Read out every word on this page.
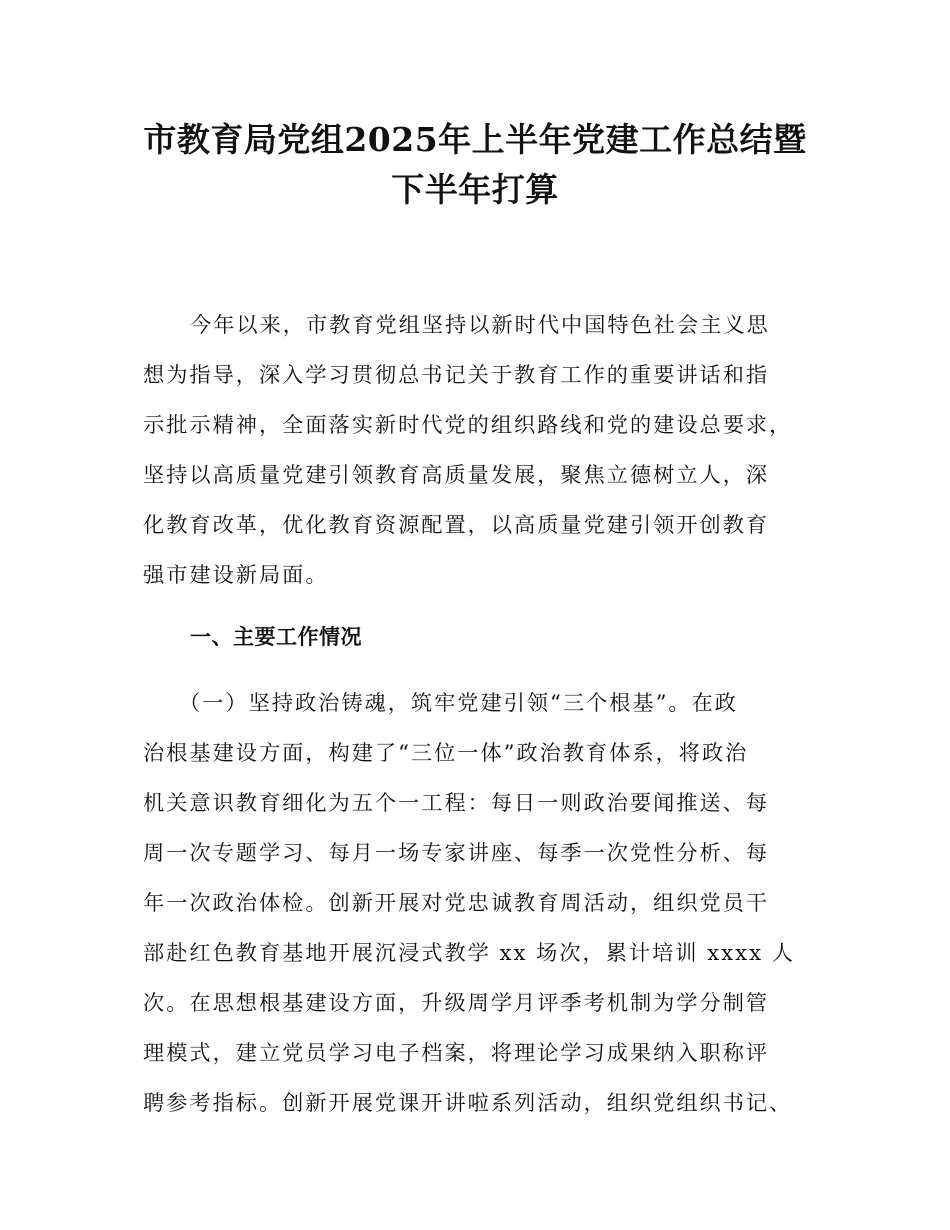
市教育局党组2025年上半年党建工作总结暨
下半年打算
今年以来，市教育党组坚持以新时代中国特色社会主义思
想为指导，深入学习贯彻总书记关于教育工作的重要讲话和指
示批示精神，全面落实新时代党的组织路线和党的建设总要求，
坚持以高质量党建引领教育高质量发展，聚焦立德树立人，深
化教育改革，优化教育资源配置，以高质量党建引领开创教育
强市建设新局面。
一、主要工作情况
（一）坚持政治铸魂，筑牢党建引领“三个根基”。在政
治根基建设方面，构建了“三位一体”政治教育体系，将政治
机关意识教育细化为五个一工程：每日一则政治要闻推送、每
周一次专题学习、每月一场专家讲座、每季一次党性分析、每
年一次政治体检。创新开展对党忠诚教育周活动，组织党员干
部赴红色教育基地开展沉浸式教学 xx 场次，累计培训 xxxx 人
次。在思想根基建设方面，升级周学月评季考机制为学分制管
理模式，建立党员学习电子档案，将理论学习成果纳入职称评
聘参考指标。创新开展党课开讲啦系列活动，组织党组织书记、
